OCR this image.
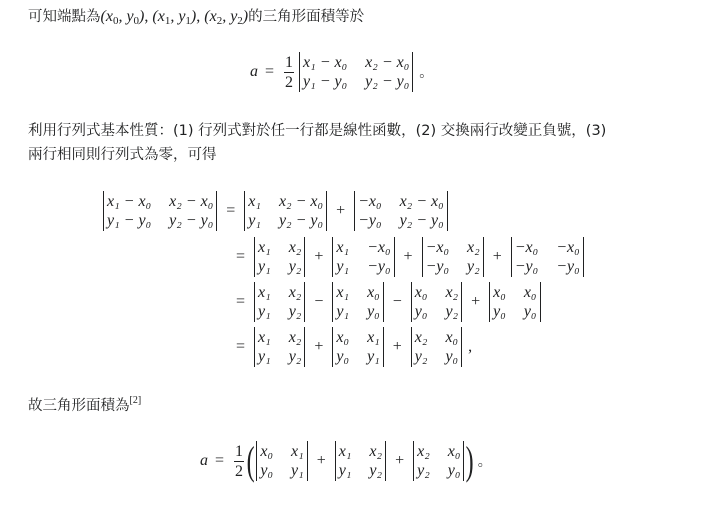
可知端點為($x_0$, $y_0$), ($x_1$, $y_1$), ($x_2$, $y_2$)的三角形面積等於
$a = \frac{1}{2} x_1 - x_0$ x₂ − x₀
y₁ − y₀ y₂ − y₀ 。
利用行列式基本性質：(1) 行列式對於任一行都是線性函數，(2) 交換兩行改變正負號，(3)
兩行相同則行列式為零，可得
x₁ − x₀ x₂ − x₀
y₁ − y₀ y₂ − y₀
=
x₁ x₂ − x₀
y₁ y₂ − y₀
+
−x₀ x₂ − x₀
−y₀ y₂ − y₀
=
x₁ x₂
y₁ y₂
+
x₁ −x₀
y₁ −y₀
+
−x₀ x₂
−y₀ y₂
+
−x₀ −x₀
−y₀ −y₀
=
x₁ x₂
y₁ y₂
−
x₁ x₀
y₁ y₀
−
x₀ x₂
y₀ y₂
+
x₀ x₀
y₀ y₀
=
x₁ x₂
y₁ y₂
+
x₀ x₁
y₀ y₁
+
x₂ x₀
y₂ y₀
,
故三角形面積為[2]
$a = \frac{1}{2}$ ( x₀ x₁
y₀ y₁
+
x₁ x₂
y₁ y₂
+
x₂ x₀
y₂ y₀ ) 。
